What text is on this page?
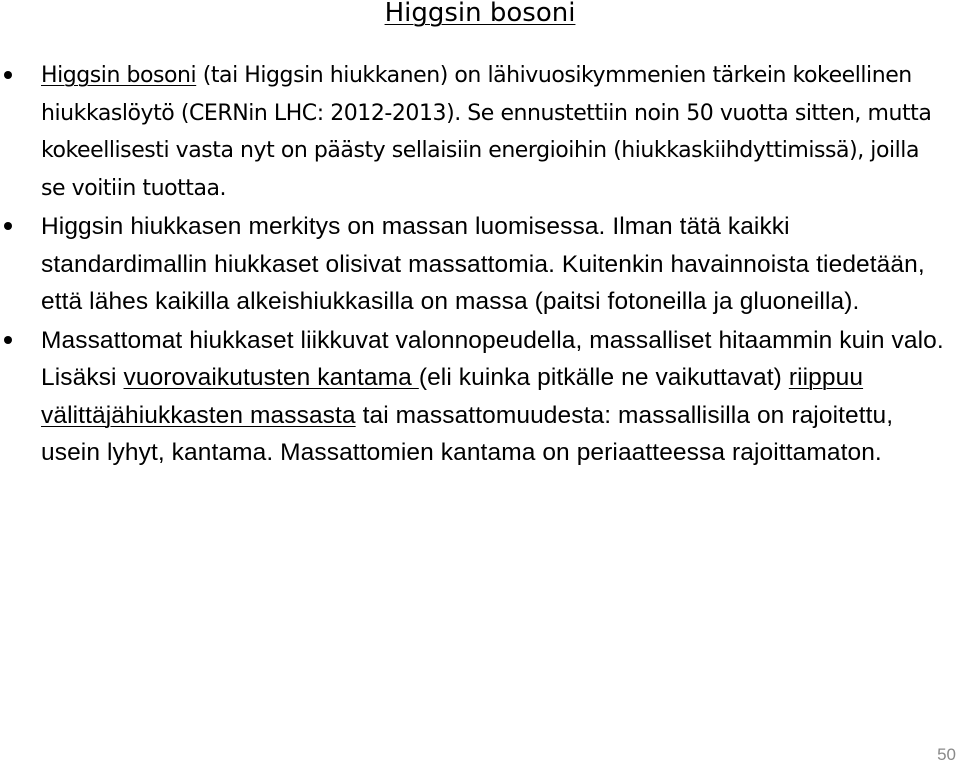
Higgsin bosoni
Higgsin bosoni (tai Higgsin hiukkanen) on lähivuosikymmenien tärkein kokeellinen hiukkaslöytö (CERNin LHC: 2012-2013). Se ennustettiin noin 50 vuotta sitten, mutta kokeellisesti vasta nyt on päästy sellaisiin energioihin (hiukkaskiihdyttimissä), joilla se voitiin tuottaa.
Higgsin hiukkasen merkitys on massan luomisessa. Ilman tätä kaikki standardimallin hiukkaset olisivat massattomia. Kuitenkin havainnoista tiedetään, että lähes kaikilla alkeishiukkasilla on massa (paitsi fotoneilla ja gluoneilla).
Massattomat hiukkaset liikkuvat valonnopeudella, massalliset hitaammin kuin valo. Lisäksi vuorovaikutusten kantama (eli kuinka pitkälle ne vaikuttavat) riippuu välittäjähiukkasten massasta tai massattomuudesta: massallisilla on rajoitettu, usein lyhyt, kantama. Massattomien kantama on periaatteessa rajoittamaton.
50
